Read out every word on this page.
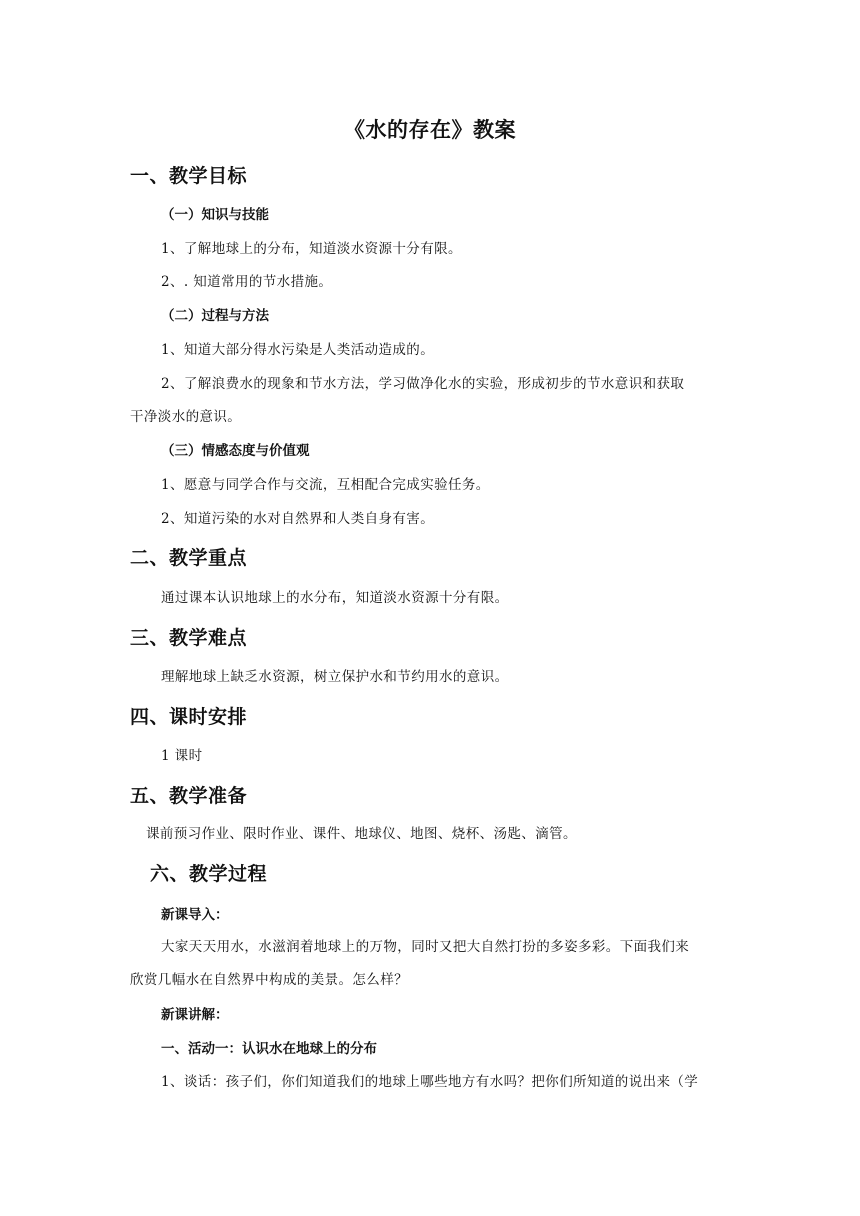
《水的存在》教案
一、教学目标
（一）知识与技能
1、了解地球上的分布，知道淡水资源十分有限。
2、. 知道常用的节水措施。
（二）过程与方法
1、知道大部分得水污染是人类活动造成的。
2、了解浪费水的现象和节水方法，学习做净化水的实验，形成初步的节水意识和获取
干净淡水的意识。
（三）情感态度与价值观
1、愿意与同学合作与交流，互相配合完成实验任务。
2、知道污染的水对自然界和人类自身有害。
二、教学重点
通过课本认识地球上的水分布，知道淡水资源十分有限。
三、教学难点
理解地球上缺乏水资源，树立保护水和节约用水的意识。
四、课时安排
1 课时
五、教学准备
课前预习作业、限时作业、课件、地球仪、地图、烧杯、汤匙、滴管。
六、教学过程
新课导入：
大家天天用水，水滋润着地球上的万物，同时又把大自然打扮的多姿多彩。下面我们来
欣赏几幅水在自然界中构成的美景。怎么样？
新课讲解：
一、活动一：认识水在地球上的分布
1、谈话：孩子们，你们知道我们的地球上哪些地方有水吗？把你们所知道的说出来（学
